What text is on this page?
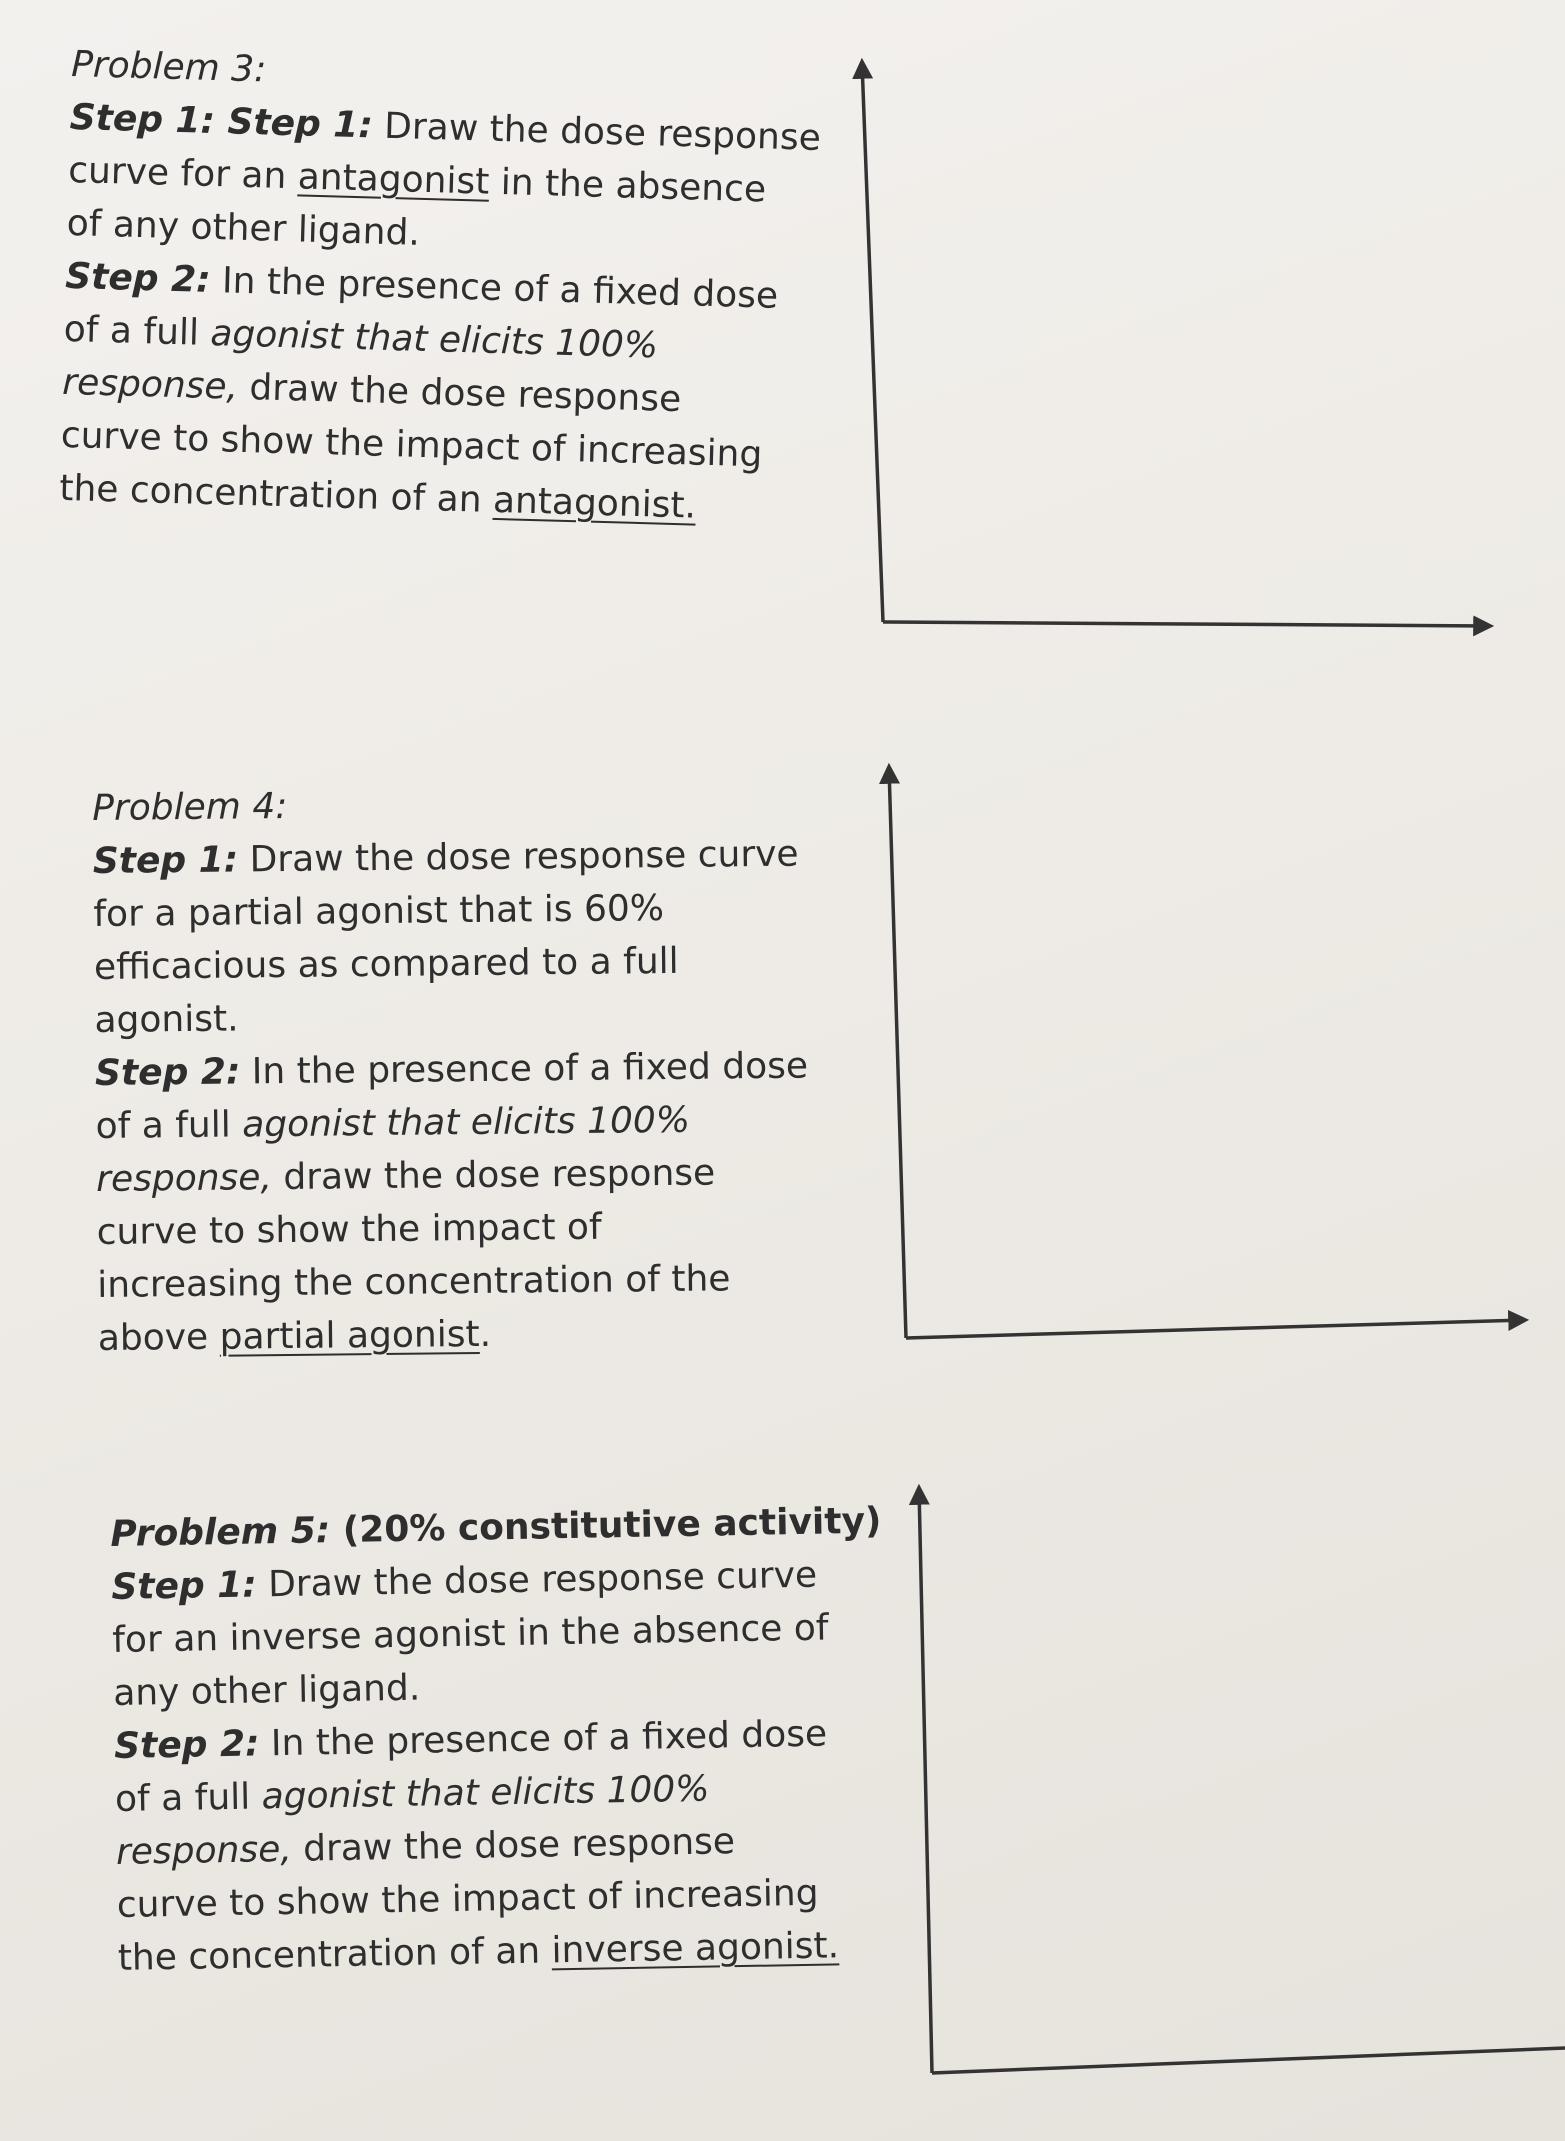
Problem 3:
Step 1: Step 1: Draw the dose response
curve for an antagonist in the absence
of any other ligand.
Step 2: In the presence of a fixed dose
of a full agonist that elicits 100%
response, draw the dose response
curve to show the impact of increasing
the concentration of an antagonist.
Problem 4:
Step 1: Draw the dose response curve
for a partial agonist that is 60%
efficacious as compared to a full
agonist.
Step 2: In the presence of a fixed dose
of a full agonist that elicits 100%
response, draw the dose response
curve to show the impact of
increasing the concentration of the
above partial agonist.
Problem 5: (20% constitutive activity)
Step 1: Draw the dose response curve
for an inverse agonist in the absence of
any other ligand.
Step 2: In the presence of a fixed dose
of a full agonist that elicits 100%
response, draw the dose response
curve to show the impact of increasing
the concentration of an inverse agonist.
